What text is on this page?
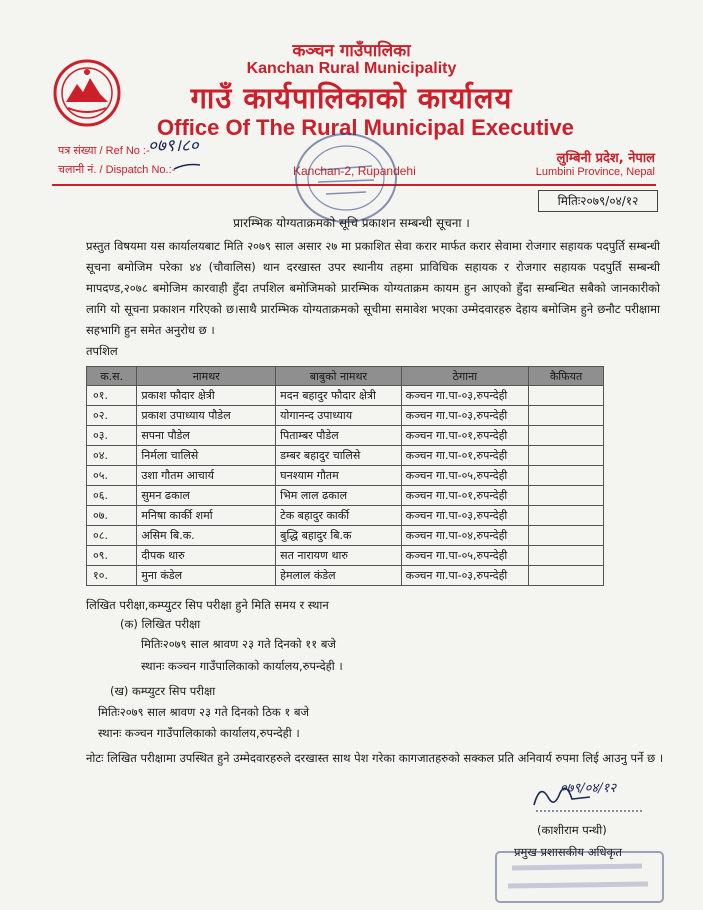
कञ्चन गाउँपालिका
Kanchan Rural Municipality
गाउँ कार्यपालिकाको कार्यालय
Office Of The Rural Municipal Executive
पत्र संख्या / Ref No :-
०७९।८०
चलानी नं. / Dispatch No.:-	Kanchan-2, Rupandehi
लुम्बिनी प्रदेश, नेपाल
Lumbini Province, Nepal
मितिः२०७९/०४/१२
प्रारम्भिक योग्यताक्रमको सूचि प्रकाशन सम्बन्धी सूचना ।

प्रस्तुत विषयमा यस कार्यालयबाट मिति २०७९ साल असार २७ मा प्रकाशित सेवा करार मार्फत करार सेवामा रोजगार सहायक पदपुर्ति सम्बन्धी सूचना बमोजिम परेका ४४ (चौवालिस) थान दरखास्त उपर स्थानीय तहमा प्राविधिक सहायक र रोजगार सहायक पदपुर्ति सम्बन्धी मापदण्ड,२०७८ बमोजिम कारवाही हुँदा तपशिल बमोजिमको प्रारम्भिक योग्यताक्रम कायम हुन आएको हुँदा सम्बन्धित सबैको जानकारीको लागि यो सूचना प्रकाशन गरिएको छ।साथै प्रारम्भिक योग्यताक्रमको सूचीमा समावेश भएका उम्मेदवारहरु देहाय बमोजिम हुने छनौट परीक्षामा सहभागि हुन समेत अनुरोध छ ।

तपशिल
क.स.	नामथर	बाबुको नामथर	ठेगाना	कैफियत
०१.	प्रकाश फौदार क्षेत्री	मदन बहादुर फौदार क्षेत्री	कञ्चन गा.पा-०३,रुपन्देही	
०२.	प्रकाश उपाध्याय पौडेल	योगानन्द उपाध्याय	कञ्चन गा.पा-०३,रुपन्देही	
०३.	सपना पौडेल	पिताम्बर पौडेल	कञ्चन गा.पा-०१,रुपन्देही	
०४.	निर्मला चालिसे	डम्बर बहादुर चालिसे	कञ्चन गा.पा-०१,रुपन्देही	
०५.	उशा गौतम आचार्य	घनश्याम गौतम	कञ्चन गा.पा-०५,रुपन्देही	
०६.	सुमन ढकाल	भिम लाल ढकाल	कञ्चन गा.पा-०१,रुपन्देही	
०७.	मनिषा कार्की शर्मा	टेक बहादुर कार्की	कञ्चन गा.पा-०३,रुपन्देही	
०८.	असिम बि.क.	बुद्धि बहादुर बि.क	कञ्चन गा.पा-०४,रुपन्देही	
०९.	दीपक थारु	सत नारायण थारु	कञ्चन गा.पा-०५,रुपन्देही	
१०.	मुना कंडेल	हेमलाल कंडेल	कञ्चन गा.पा-०३,रुपन्देही	
लिखित परीक्षा,कम्प्युटर सिप परीक्षा हुने मिति समय र स्थान
(क) लिखित परीक्षा
मितिः२०७९ साल श्रावण २३ गते दिनको ११ बजे
स्थानः कञ्चन गाउँपालिकाको कार्यालय,रुपन्देही ।
(ख) कम्प्युटर सिप परीक्षा
मितिः२०७९ साल श्रावण २३ गते दिनको ठिक १ बजे
स्थानः कञ्चन गाउँपालिकाको कार्यालय,रुपन्देही ।

नोटः लिखित परीक्षामा उपस्थित हुने उम्मेदवारहरुले दरखास्त साथ पेश गरेका कागजातहरुको सक्कल प्रति अनिवार्य रुपमा लिई आउनु पर्ने छ ।

०७९/०४/१२
(काशीराम पन्थी)
प्रमुख प्रशासकीय अधिकृत
